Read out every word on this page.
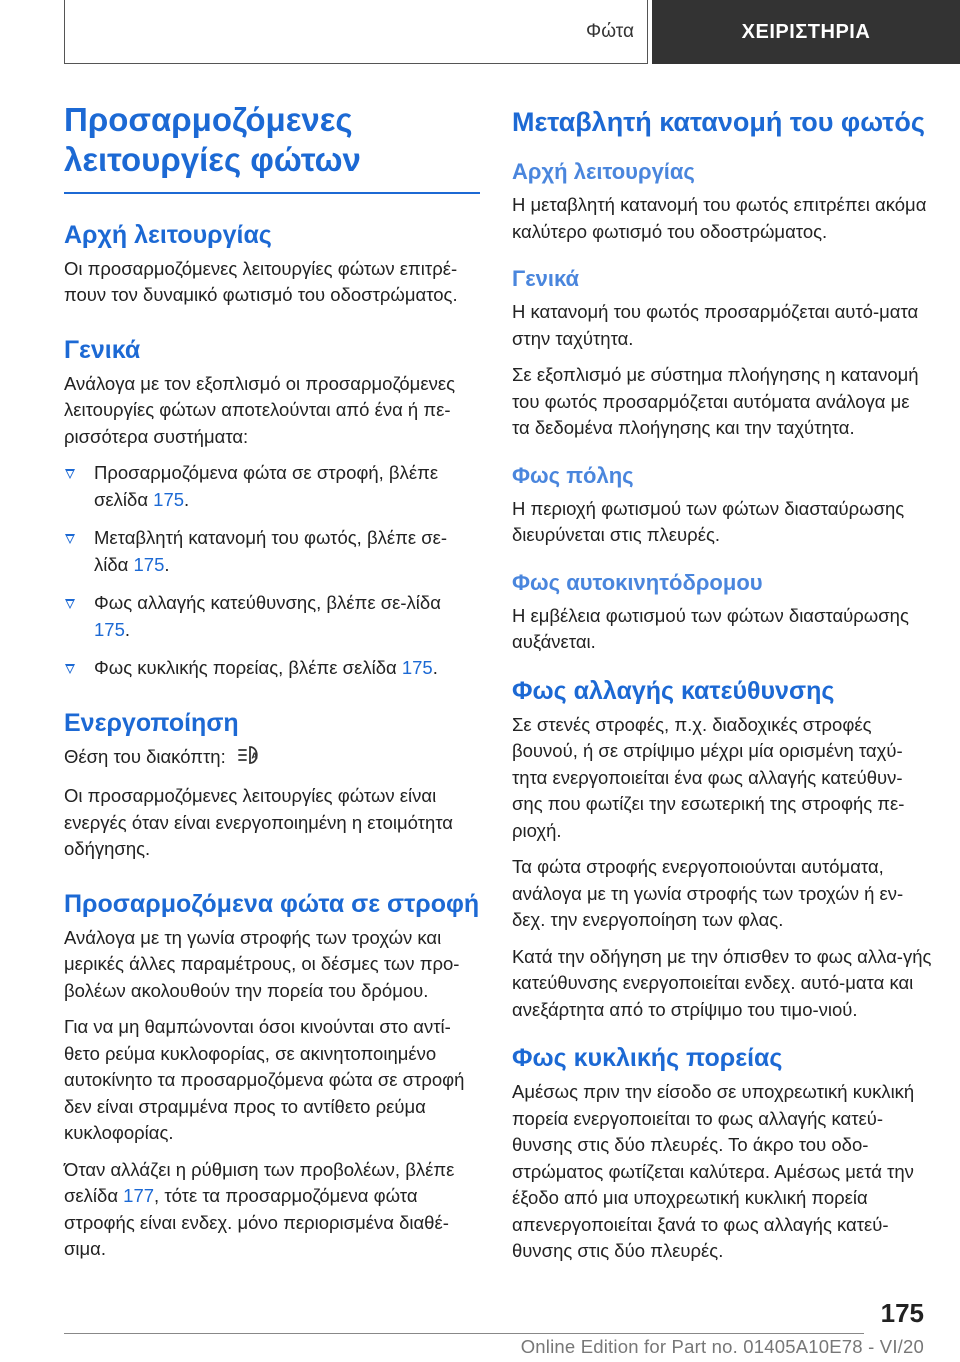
Φώτα	ΧΕΙΡΙΣΤΗΡΙΑ
Προσαρμοζόμενες
λειτουργίες φώτων
Αρχή λειτουργίας

Οι προσαρμοζόμενες λειτουργίες φώτων επιτρέ-πουν τον δυναμικό φωτισμό του οδοστρώματος.

Γενικά

Ανάλογα με τον εξοπλισμό οι προσαρμοζόμενες λειτουργίες φώτων αποτελούνται από ένα ή πε-ρισσότερα συστήματα:

Προσαρμοζόμενα φώτα σε στροφή, βλέπε σελίδα 175.
Μεταβλητή κατανομή του φωτός, βλέπε σε-λίδα 175.
Φως αλλαγής κατεύθυνσης, βλέπε σε-λίδα 175.
Φως κυκλικής πορείας, βλέπε σελίδα 175.
Ενεργοποίηση

Θέση του διακόπτη:	A

Οι προσαρμοζόμενες λειτουργίες φώτων είναι ενεργές όταν είναι ενεργοποιημένη η ετοιμότητα οδήγησης.

Προσαρμοζόμενα φώτα σε στροφή

Ανάλογα με τη γωνία στροφής των τροχών και μερικές άλλες παραμέτρους, οι δέσμες των προ-βολέων ακολουθούν την πορεία του δρόμου.

Για να μη θαμπώνονται όσοι κινούνται στο αντί-θετο ρεύμα κυκλοφορίας, σε ακινητοποιημένο αυτοκίνητο τα προσαρμοζόμενα φώτα σε στροφή δεν είναι στραμμένα προς το αντίθετο ρεύμα κυκλοφορίας.

Όταν αλλάζει η ρύθμιση των προβολέων, βλέπε σελίδα 177, τότε τα προσαρμοζόμενα φώτα στροφής είναι ενδεχ. μόνο περιορισμένα διαθέ-σιμα.

Μεταβλητή κατανομή του φωτός
Αρχή λειτουργίας

Η μεταβλητή κατανομή του φωτός επιτρέπει ακόμα καλύτερο φωτισμό του οδοστρώματος.

Γενικά

Η κατανομή του φωτός προσαρμόζεται αυτό-ματα στην ταχύτητα.

Σε εξοπλισμό με σύστημα πλοήγησης η κατανομή του φωτός προσαρμόζεται αυτόματα ανάλογα με τα δεδομένα πλοήγησης και την ταχύτητα.

Φως πόλης

Η περιοχή φωτισμού των φώτων διασταύρωσης διευρύνεται στις πλευρές.

Φως αυτοκινητόδρομου

Η εμβέλεια φωτισμού των φώτων διασταύρωσης αυξάνεται.

Φως αλλαγής κατεύθυνσης

Σε στενές στροφές, π.χ. διαδοχικές στροφές βουνού, ή σε στρίψιμο μέχρι μία ορισμένη ταχύ-τητα ενεργοποιείται ένα φως αλλαγής κατεύθυν-σης που φωτίζει την εσωτερική της στροφής πε-ριοχή.

Τα φώτα στροφής ενεργοποιούνται αυτόματα, ανάλογα με τη γωνία στροφής των τροχών ή εν-δεχ. την ενεργοποίηση των φλας.

Κατά την οδήγηση με την όπισθεν το φως αλλα-γής κατεύθυνσης ενεργοποιείται ενδεχ. αυτό-ματα και ανεξάρτητα από το στρίψιμο του τιμο-νιού.

Φως κυκλικής πορείας

Αμέσως πριν την είσοδο σε υποχρεωτική κυκλική πορεία ενεργοποιείται το φως αλλαγής κατεύ-θυνσης στις δύο πλευρές. Το άκρο του οδο-στρώματος φωτίζεται καλύτερα. Αμέσως μετά την έξοδο από μια υποχρεωτική κυκλική πορεία απενεργοποιείται ξανά το φως αλλαγής κατεύ-θυνσης στις δύο πλευρές.

175
Online Edition for Part no. 01405A10E78 - VI/20
